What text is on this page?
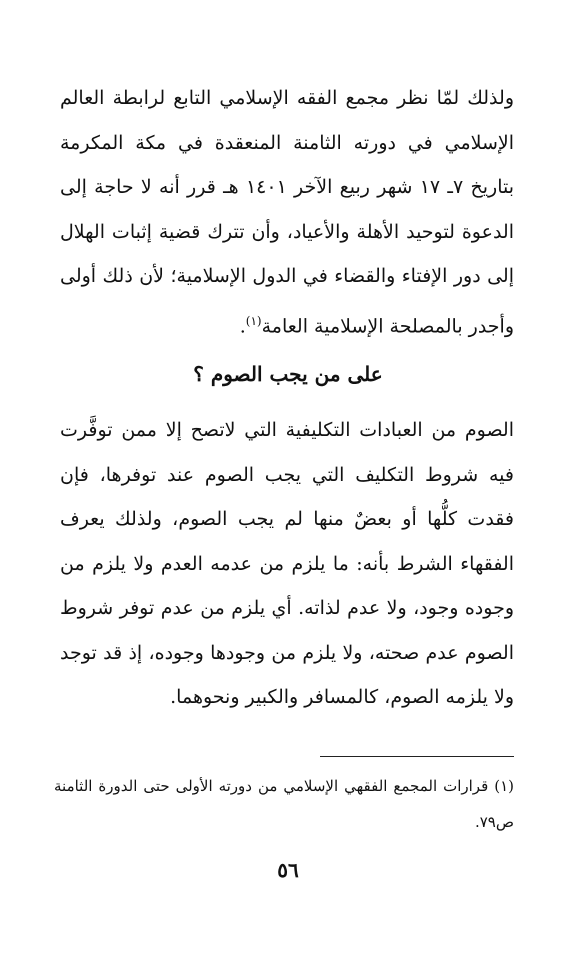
ولذلك لمّا نظر مجمع الفقه الإسلامي التابع لرابطة العالم الإسلامي في دورته الثامنة المنعقدة في مكة المكرمة بتاريخ ٧ـ ١٧ شهر ربيع الآخر ١٤٠١ هـ قرر أنه لا حاجة إلى الدعوة لتوحيد الأهلة والأعياد، وأن تترك قضية إثبات الهلال إلى دور الإفتاء والقضاء في الدول الإسلامية؛ لأن ذلك أولى وأجدر بالمصلحة الإسلامية العامة$^{(١)}$.

على من يجب الصوم ؟

الصوم من العبادات التكليفية التي لاتصح إلا ممن توفَّرت فيه شروط التكليف التي يجب الصوم عند توفرها، فإن فقدت كلُّها أو بعضٌ منها لم يجب الصوم، ولذلك يعرف الفقهاء الشرط بأنه: ما يلزم من عدمه العدم ولا يلزم من وجوده وجود، ولا عدم لذاته. أي يلزم من عدم توفر شروط الصوم عدم صحته، ولا يلزم من وجودها وجوده، إذ قد توجد ولا يلزمه الصوم، كالمسافر والكبير ونحوهما.

(١) قرارات المجمع الفقهي الإسلامي من دورته الأولى حتى الدورة الثامنة ص٧٩.

٥٦
